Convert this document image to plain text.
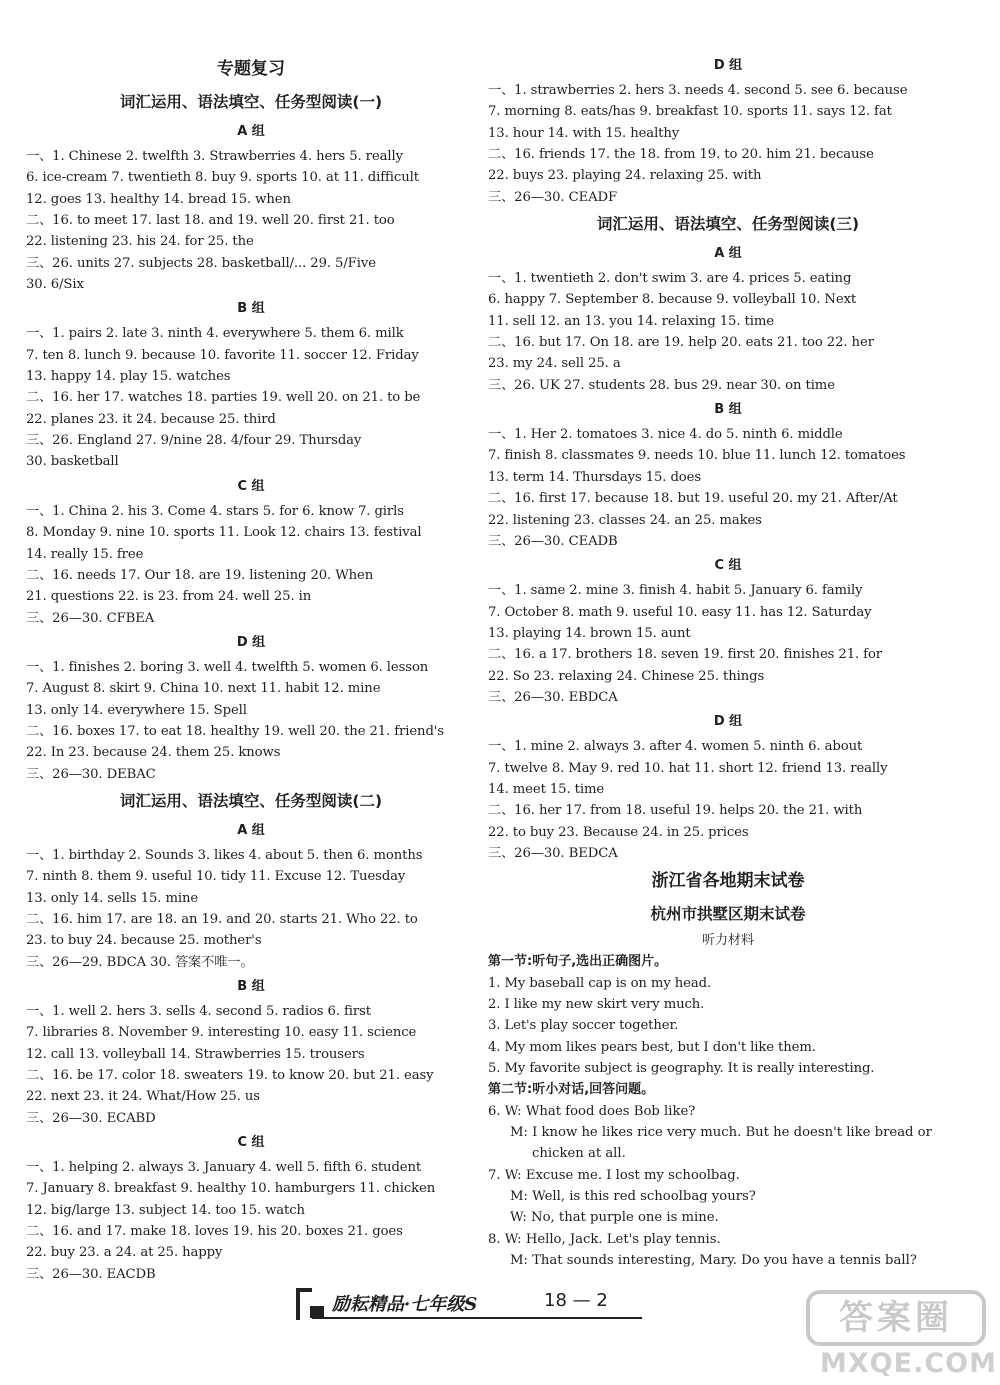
专题复习
词汇运用、语法填空、任务型阅读(一)
A 组
一、1. Chinese 2. twelfth 3. Strawberries 4. hers 5. really
6. ice-cream 7. twentieth 8. buy 9. sports 10. at 11. difficult
12. goes 13. healthy 14. bread 15. when
二、16. to meet 17. last 18. and 19. well 20. first 21. too
22. listening 23. his 24. for 25. the
三、26. units 27. subjects 28. basketball/... 29. 5/Five
30. 6/Six
B 组
一、1. pairs 2. late 3. ninth 4. everywhere 5. them 6. milk
7. ten 8. lunch 9. because 10. favorite 11. soccer 12. Friday
13. happy 14. play 15. watches
二、16. her 17. watches 18. parties 19. well 20. on 21. to be
22. planes 23. it 24. because 25. third
三、26. England 27. 9/nine 28. 4/four 29. Thursday
30. basketball
C 组
一、1. China 2. his 3. Come 4. stars 5. for 6. know 7. girls
8. Monday 9. nine 10. sports 11. Look 12. chairs 13. festival
14. really 15. free
二、16. needs 17. Our 18. are 19. listening 20. When
21. questions 22. is 23. from 24. well 25. in
三、26—30. CFBEA
D 组
一、1. finishes 2. boring 3. well 4. twelfth 5. women 6. lesson
7. August 8. skirt 9. China 10. next 11. habit 12. mine
13. only 14. everywhere 15. Spell
二、16. boxes 17. to eat 18. healthy 19. well 20. the 21. friend's
22. In 23. because 24. them 25. knows
三、26—30. DEBAC
词汇运用、语法填空、任务型阅读(二)
A 组
一、1. birthday 2. Sounds 3. likes 4. about 5. then 6. months
7. ninth 8. them 9. useful 10. tidy 11. Excuse 12. Tuesday
13. only 14. sells 15. mine
二、16. him 17. are 18. an 19. and 20. starts 21. Who 22. to
23. to buy 24. because 25. mother's
三、26—29. BDCA 30. 答案不唯一。
B 组
一、1. well 2. hers 3. sells 4. second 5. radios 6. first
7. libraries 8. November 9. interesting 10. easy 11. science
12. call 13. volleyball 14. Strawberries 15. trousers
二、16. be 17. color 18. sweaters 19. to know 20. but 21. easy
22. next 23. it 24. What/How 25. us
三、26—30. ECABD
C 组
一、1. helping 2. always 3. January 4. well 5. fifth 6. student
7. January 8. breakfast 9. healthy 10. hamburgers 11. chicken
12. big/large 13. subject 14. too 15. watch
二、16. and 17. make 18. loves 19. his 20. boxes 21. goes
22. buy 23. a 24. at 25. happy
三、26—30. EACDB
D 组
一、1. strawberries 2. hers 3. needs 4. second 5. see 6. because
7. morning 8. eats/has 9. breakfast 10. sports 11. says 12. fat
13. hour 14. with 15. healthy
二、16. friends 17. the 18. from 19. to 20. him 21. because
22. buys 23. playing 24. relaxing 25. with
三、26—30. CEADF
词汇运用、语法填空、任务型阅读(三)
A 组
一、1. twentieth 2. don't swim 3. are 4. prices 5. eating
6. happy 7. September 8. because 9. volleyball 10. Next
11. sell 12. an 13. you 14. relaxing 15. time
二、16. but 17. On 18. are 19. help 20. eats 21. too 22. her
23. my 24. sell 25. a
三、26. UK 27. students 28. bus 29. near 30. on time
B 组
一、1. Her 2. tomatoes 3. nice 4. do 5. ninth 6. middle
7. finish 8. classmates 9. needs 10. blue 11. lunch 12. tomatoes
13. term 14. Thursdays 15. does
二、16. first 17. because 18. but 19. useful 20. my 21. After/At
22. listening 23. classes 24. an 25. makes
三、26—30. CEADB
C 组
一、1. same 2. mine 3. finish 4. habit 5. January 6. family
7. October 8. math 9. useful 10. easy 11. has 12. Saturday
13. playing 14. brown 15. aunt
二、16. a 17. brothers 18. seven 19. first 20. finishes 21. for
22. So 23. relaxing 24. Chinese 25. things
三、26—30. EBDCA
D 组
一、1. mine 2. always 3. after 4. women 5. ninth 6. about
7. twelve 8. May 9. red 10. hat 11. short 12. friend 13. really
14. meet 15. time
二、16. her 17. from 18. useful 19. helps 20. the 21. with
22. to buy 23. Because 24. in 25. prices
三、26—30. BEDCA
浙江省各地期末试卷
杭州市拱墅区期末试卷
听力材料
第一节:听句子,选出正确图片。
1. My baseball cap is on my head.
2. I like my new skirt very much.
3. Let's play soccer together.
4. My mom likes pears best, but I don't like them.
5. My favorite subject is geography. It is really interesting.
第二节:听小对话,回答问题。
6. W: What food does Bob like?
M: I know he likes rice very much. But he doesn't like bread or chicken at all.
7. W: Excuse me. I lost my schoolbag.
M: Well, is this red schoolbag yours?
W: No, that purple one is mine.
8. W: Hello, Jack. Let's play tennis.
M: That sounds interesting, Mary. Do you have a tennis ball?
励耘精品·七年级S	18 — 2	答案圈
MXQE.COM
